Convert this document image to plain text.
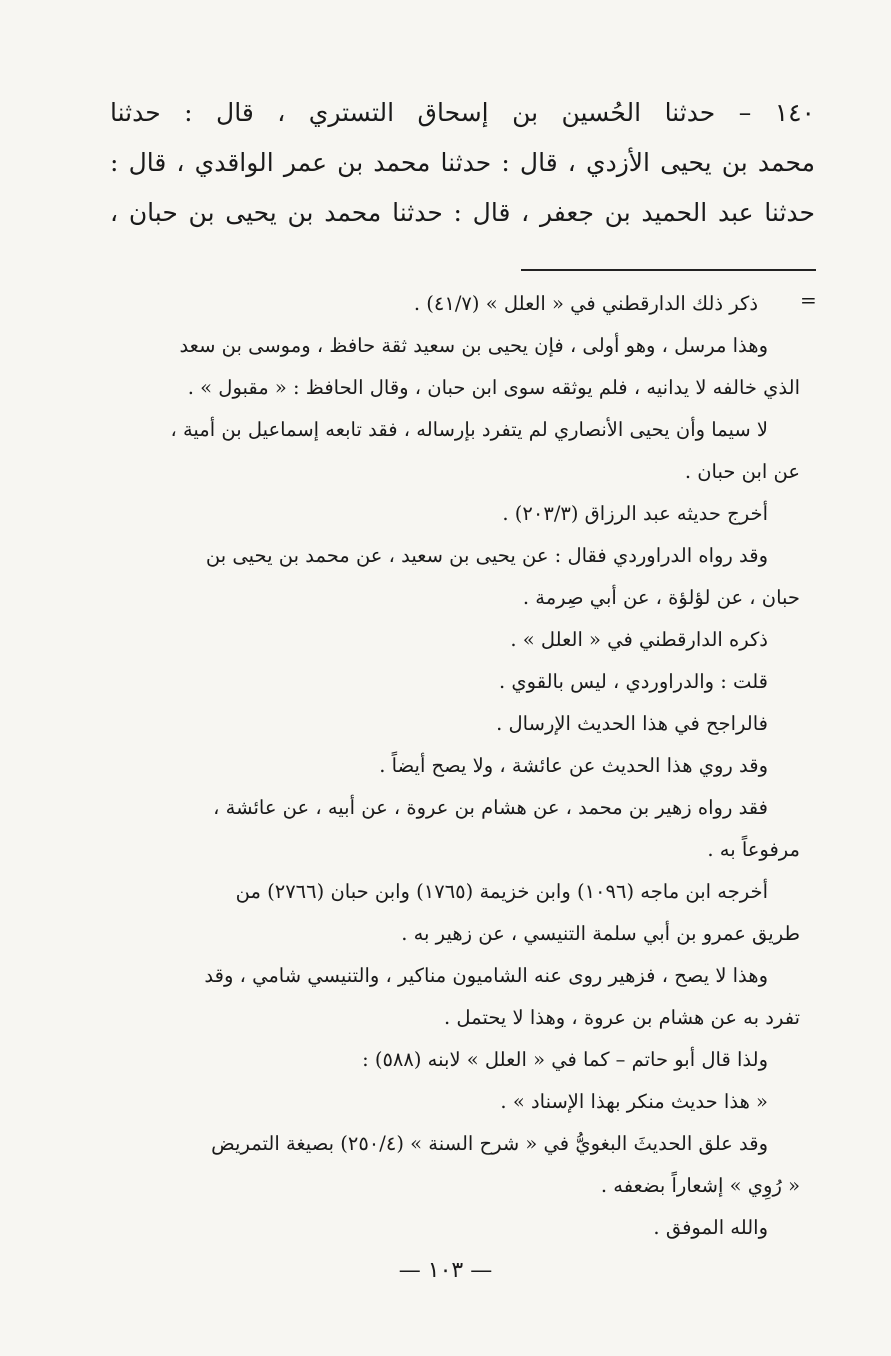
١٤٠ – حدثنا الحُسين بن إسحاق التستري ، قال : حدثنا
محمد بن يحيى الأزدي ، قال : حدثنا محمد بن عمر الواقدي ، قال :
حدثنا عبد الحميد بن جعفر ، قال : حدثنا محمد بن يحيى بن حبان ،
=
ذكر ذلك الدارقطني في « العلل » (٤١/٧) .
وهذا مرسل ، وهو أولى ، فإن يحيى بن سعيد ثقة حافظ ، وموسى بن سعد
الذي خالفه لا يدانيه ، فلم يوثقه سوى ابن حبان ، وقال الحافظ : « مقبول » .
لا سيما وأن يحيى الأنصاري لم يتفرد بإرساله ، فقد تابعه إسماعيل بن أمية ،
عن ابن حبان .
أخرج حديثه عبد الرزاق (٢٠٣/٣) .
وقد رواه الدراوردي فقال : عن يحيى بن سعيد ، عن محمد بن يحيى بن
حبان ، عن لؤلؤة ، عن أبي صِرمة .
ذكره الدارقطني في « العلل » .
قلت : والدراوردي ، ليس بالقوي .
فالراجح في هذا الحديث الإرسال .
وقد روي هذا الحديث عن عائشة ، ولا يصح أيضاً .
فقد رواه زهير بن محمد ، عن هشام بن عروة ، عن أبيه ، عن عائشة ،
مرفوعاً به .
أخرجه ابن ماجه (١٠٩٦) وابن خزيمة (١٧٦٥) وابن حبان (٢٧٦٦) من
طريق عمرو بن أبي سلمة التنيسي ، عن زهير به .
وهذا لا يصح ، فزهير روى عنه الشاميون مناكير ، والتنيسي شامي ، وقد
تفرد به عن هشام بن عروة ، وهذا لا يحتمل .
ولذا قال أبو حاتم – كما في « العلل » لابنه (٥٨٨) :
« هذا حديث منكر بهذا الإسناد » .
وقد علق الحديثَ البغويُّ في « شرح السنة » (٢٥٠/٤) بصيغة التمريض
« رُوِي » إشعاراً بضعفه .
والله الموفق .
— ١٠٣ —
